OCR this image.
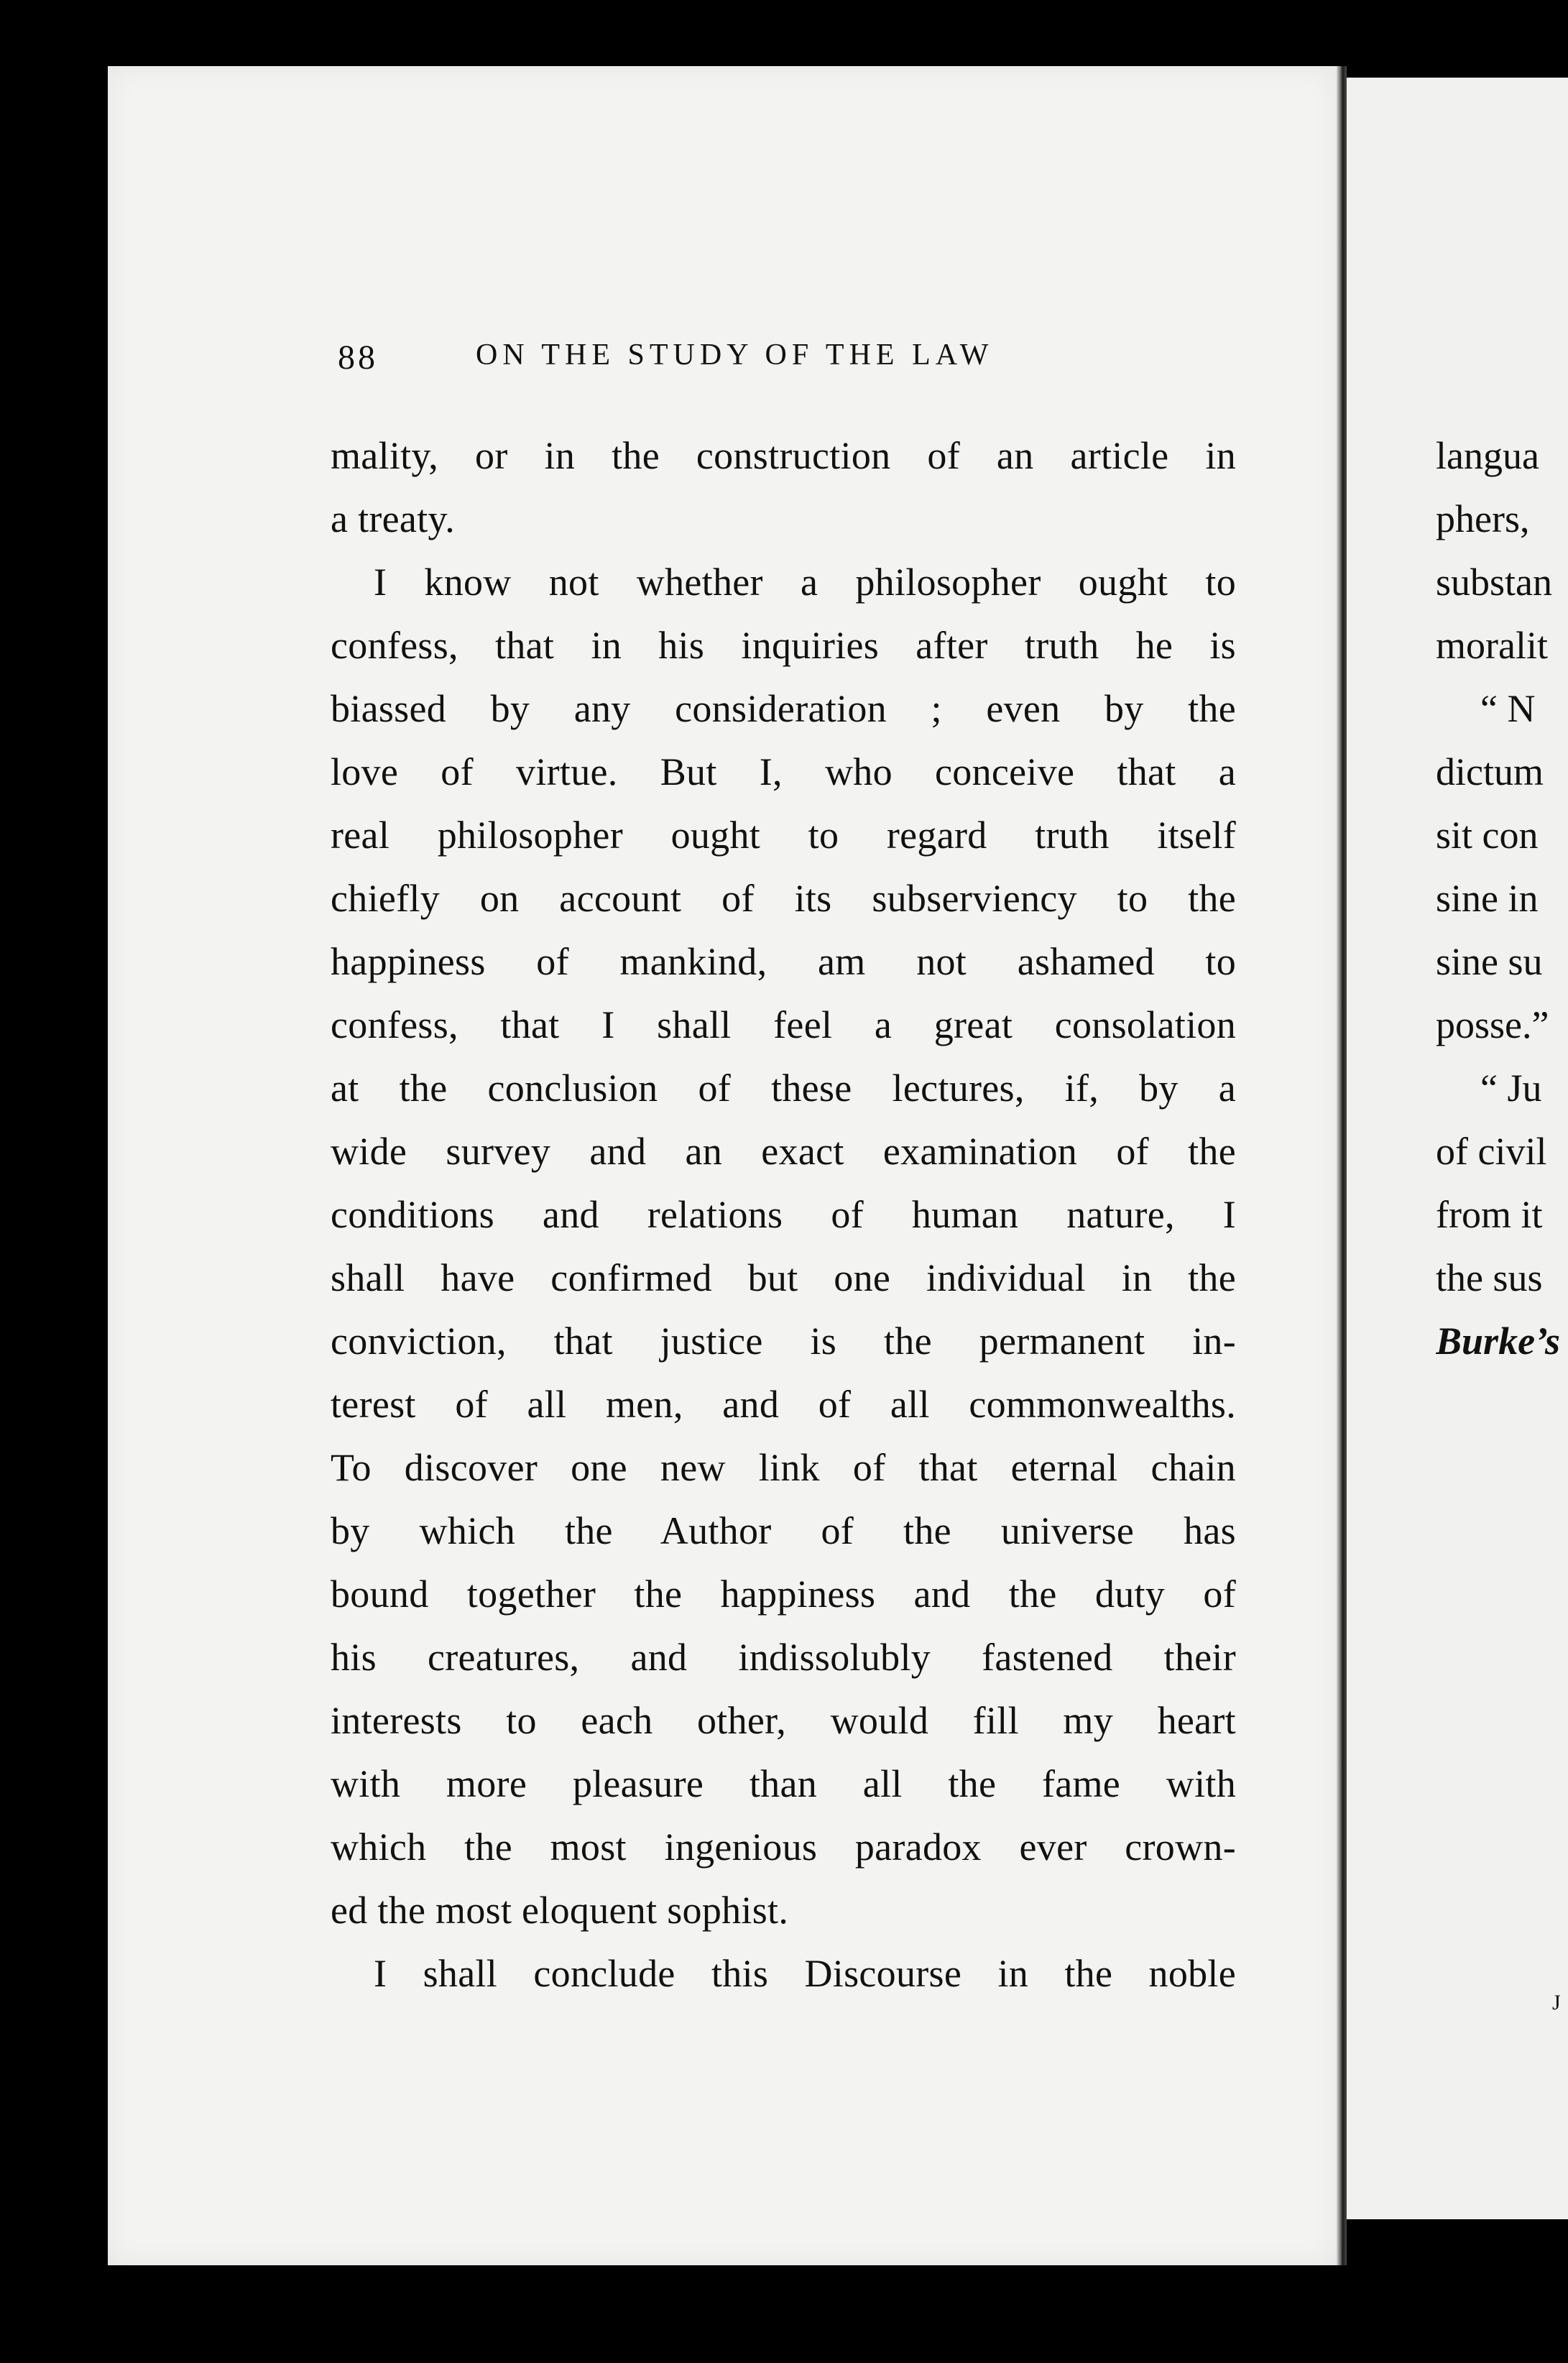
88	ON THE STUDY OF THE LAW
mality, or in the construction of an article in
a treaty.
I know not whether a philosopher ought to
confess, that in his inquiries after truth he is
biassed by any consideration ; even by the
love of virtue. But I, who conceive that a
real philosopher ought to regard truth itself
chiefly on account of its subserviency to the
happiness of mankind, am not ashamed to
confess, that I shall feel a great consolation
at the conclusion of these lectures, if, by a
wide survey and an exact examination of the
conditions and relations of human nature, I
shall have confirmed but one individual in the
conviction, that justice is the permanent in-
terest of all men, and of all commonwealths.
To discover one new link of that eternal chain
by which the Author of the universe has
bound together the happiness and the duty of
his creatures, and indissolubly fastened their
interests to each other, would fill my heart
with more pleasure than all the fame with
which the most ingenious paradox ever crown-
ed the most eloquent sophist.
I shall conclude this Discourse in the noble
langua
phers,
substan
moralit
“ N
dictum
sit con
sine in
sine su
posse.”
“ Ju
of civil
from it
the sus
Burke’s
J
